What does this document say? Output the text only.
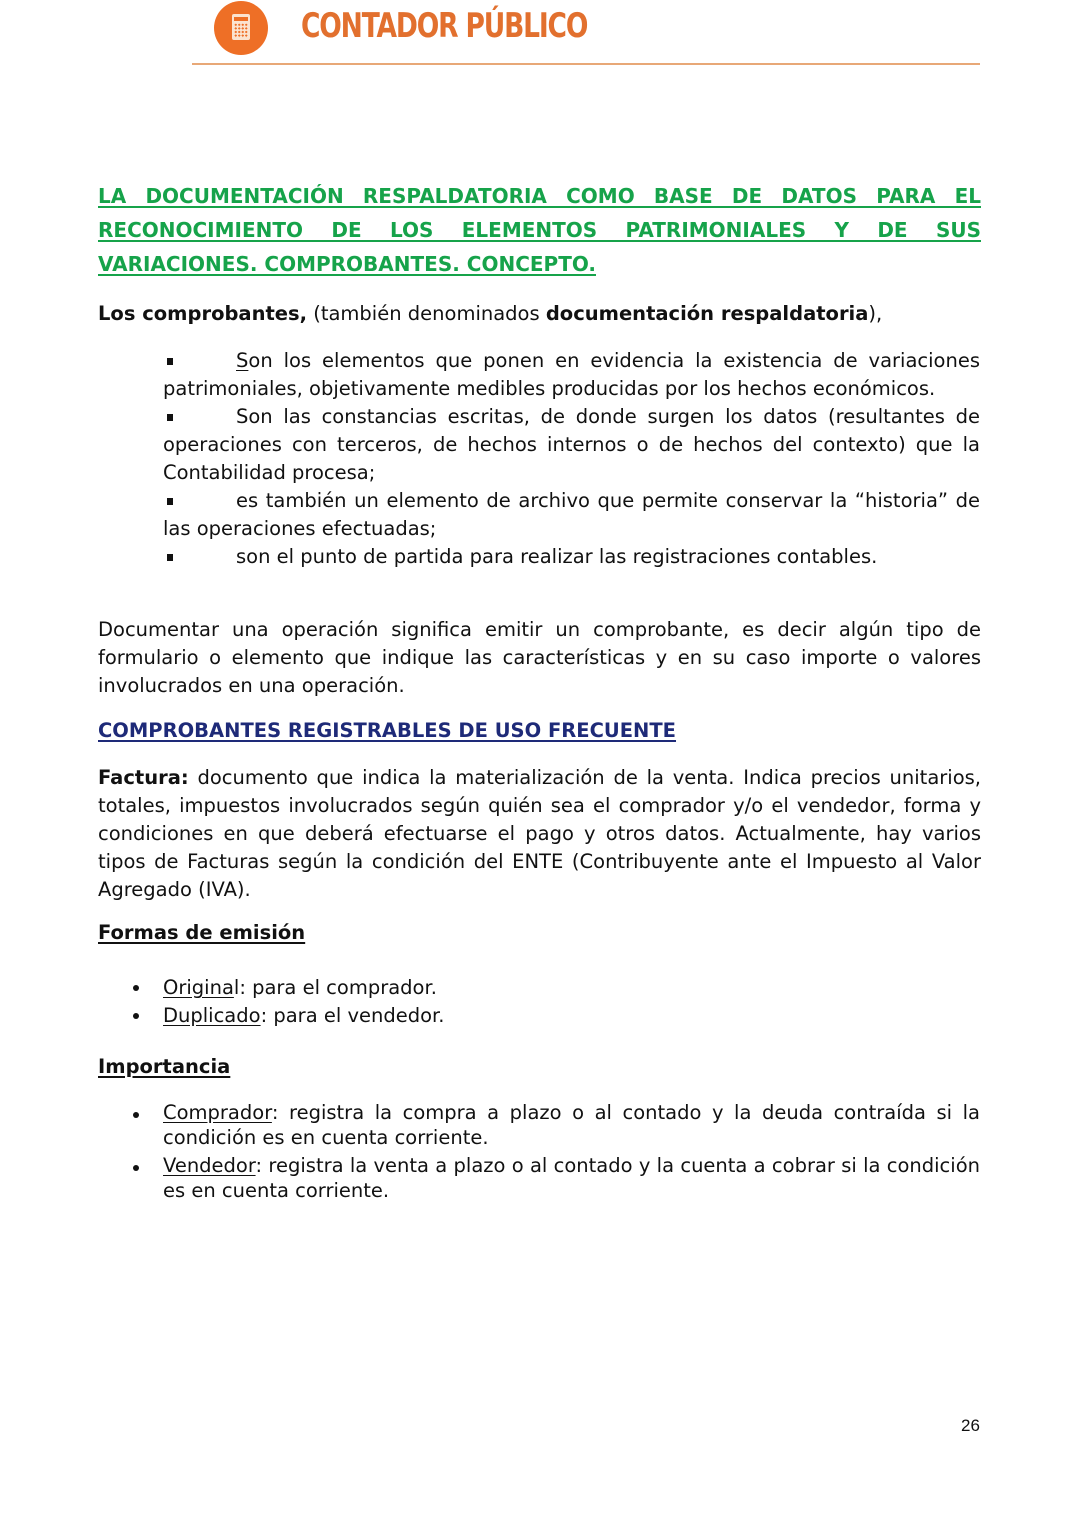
CONTADOR PÚBLICO
LA DOCUMENTACIÓN RESPALDATORIA COMO BASE DE DATOS PARA EL RECONOCIMIENTO DE LOS ELEMENTOS PATRIMONIALES Y DE SUS VARIACIONES. COMPROBANTES. CONCEPTO.
Los comprobantes, (también denominados documentación respaldatoria),
Son los elementos que ponen en evidencia la existencia de variaciones patrimoniales, objetivamente medibles producidas por los hechos económicos.
Son las constancias escritas, de donde surgen los datos (resultantes de operaciones con terceros, de hechos internos o de hechos del contexto) que la Contabilidad procesa;
es también un elemento de archivo que permite conservar la “historia” de las operaciones efectuadas;
son el punto de partida para realizar las registraciones contables.
Documentar una operación significa emitir un comprobante, es decir algún tipo de formulario o elemento que indique las características y en su caso importe o valores involucrados en una operación.
COMPROBANTES REGISTRABLES DE USO FRECUENTE
Factura: documento que indica la materialización de la venta. Indica precios unitarios, totales, impuestos involucrados según quién sea el comprador y/o el vendedor, forma y condiciones en que deberá efectuarse el pago y otros datos. Actualmente, hay varios tipos de Facturas según la condición del ENTE (Contribuyente ante el Impuesto al Valor Agregado (IVA).
Formas de emisión
Original: para el comprador.
Duplicado: para el vendedor.
Importancia
Comprador: registra la compra a plazo o al contado y la deuda contraída si la condición es en cuenta corriente.
Vendedor: registra la venta a plazo o al contado y la cuenta a cobrar si la condición es en cuenta corriente.
26
